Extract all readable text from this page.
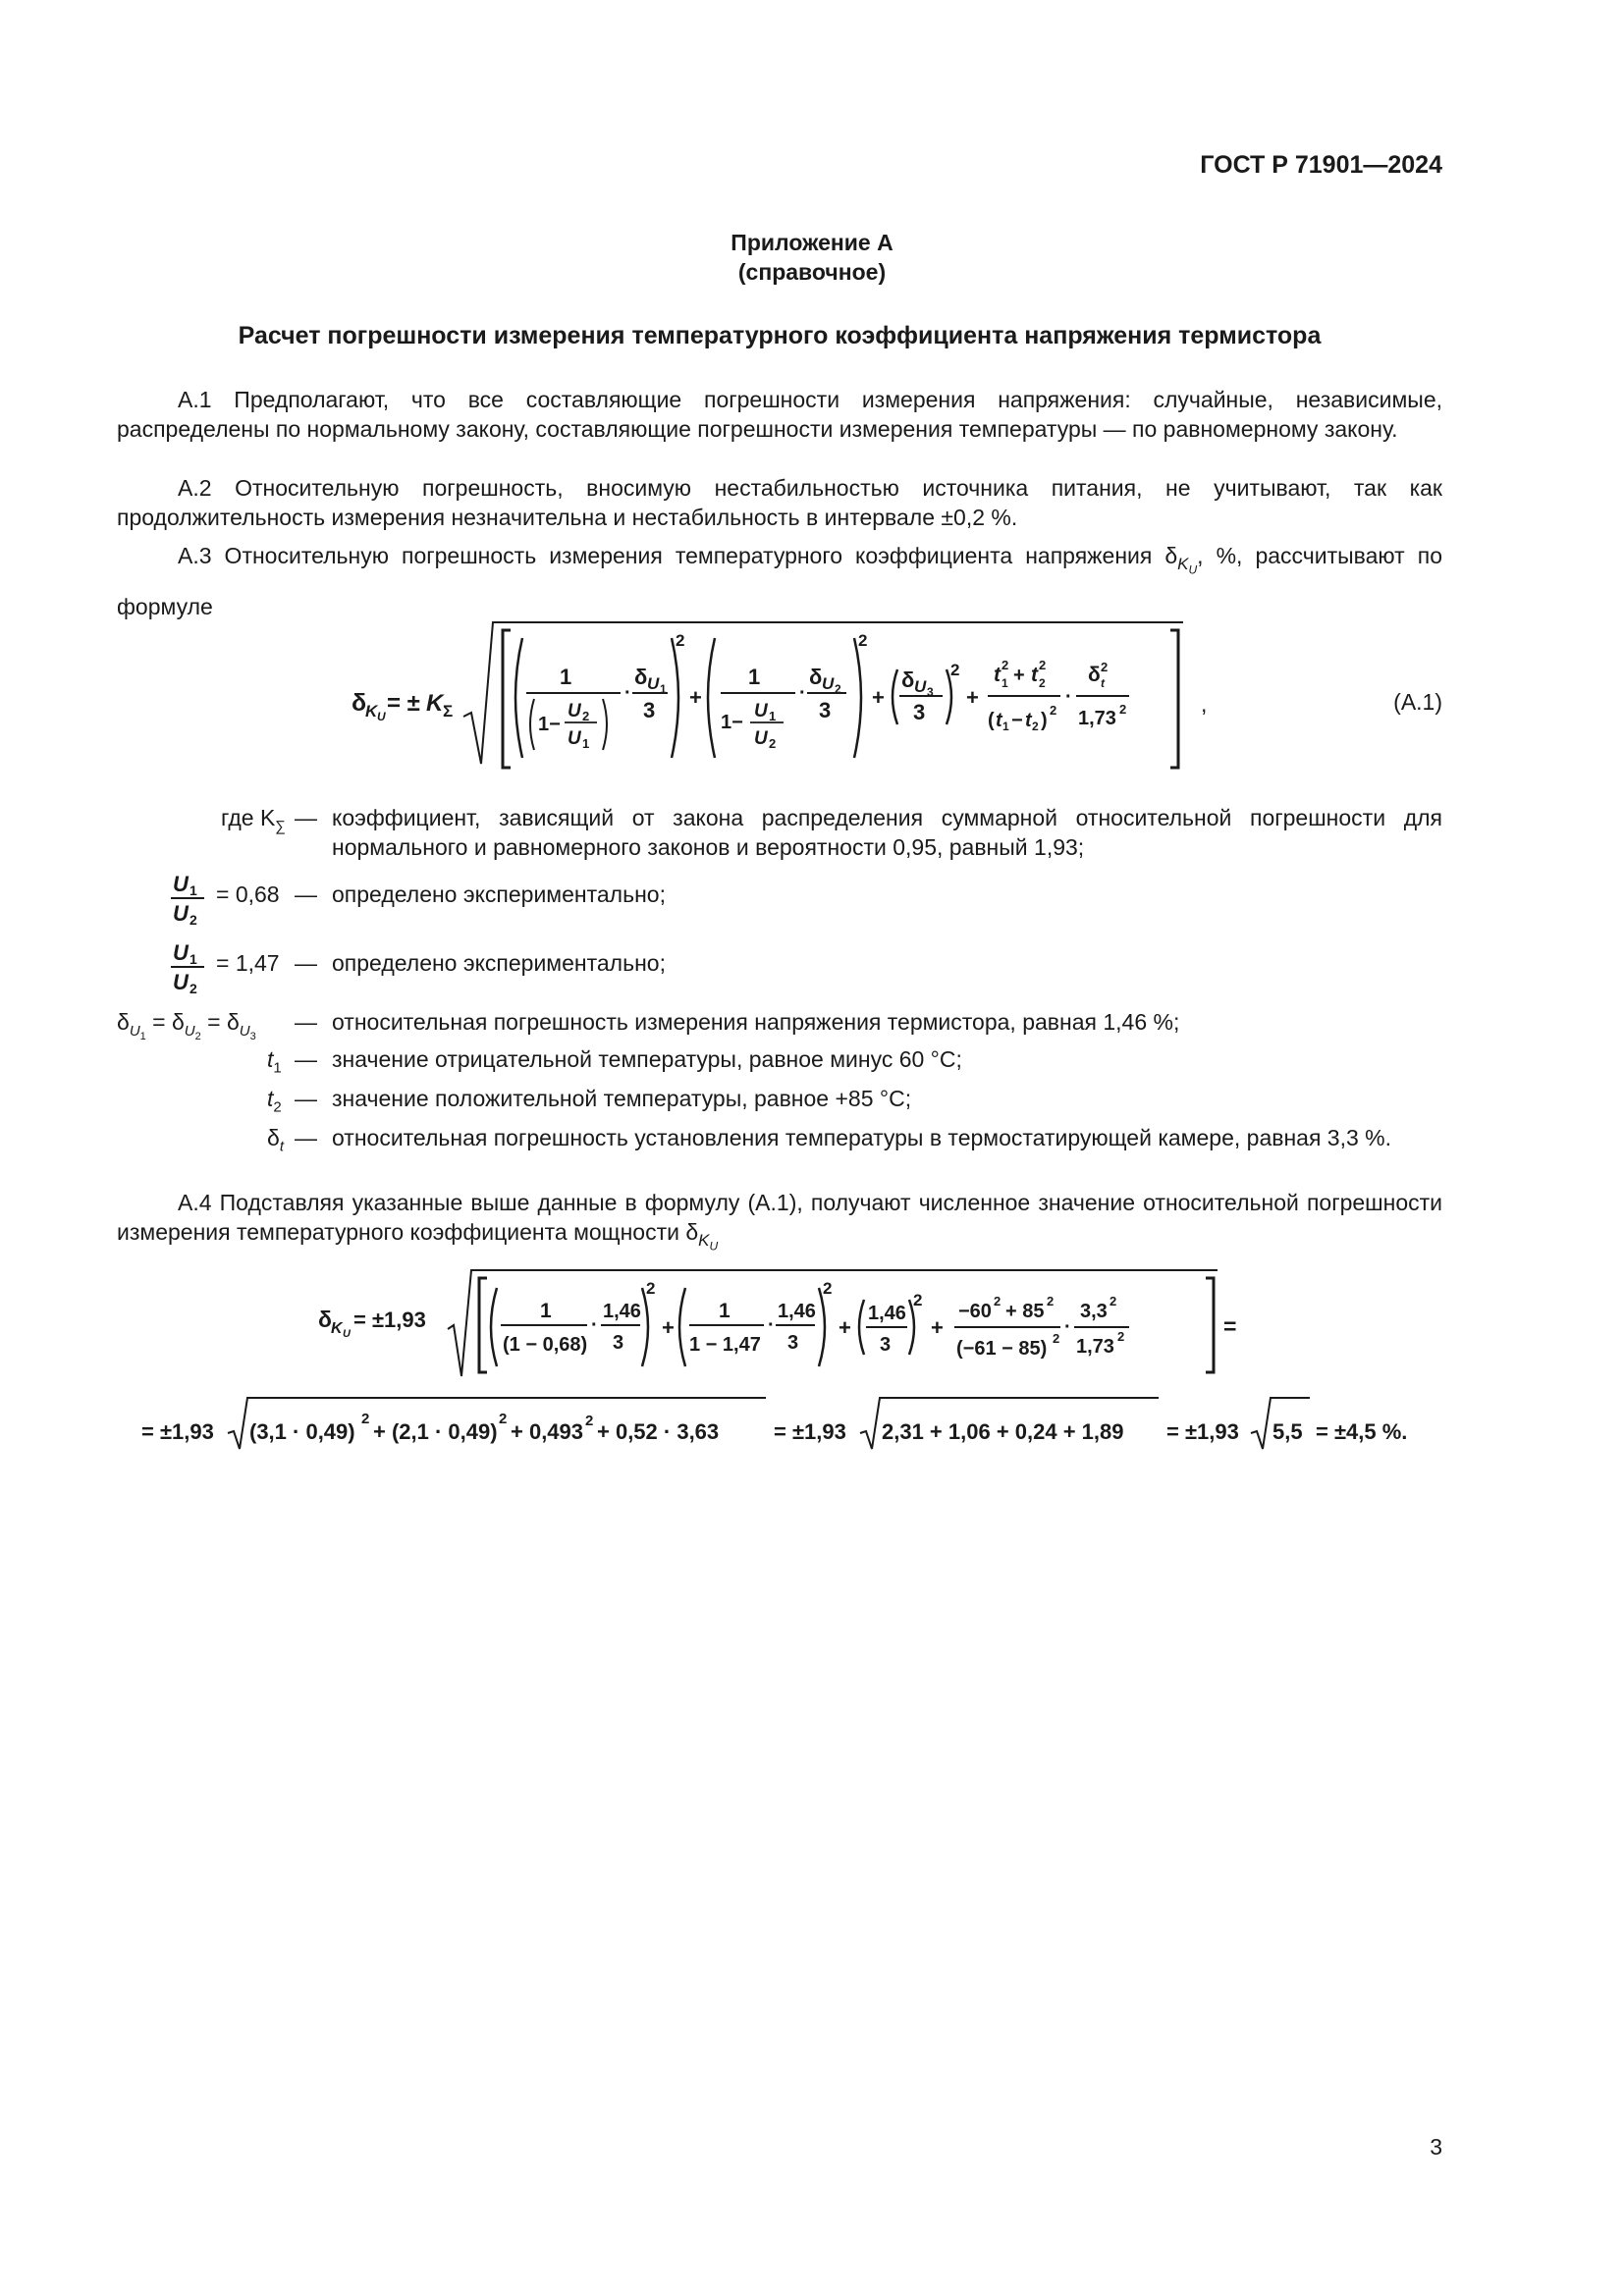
ГОСТ Р 71901—2024
Приложение А
(справочное)
Расчет погрешности измерения температурного коэффициента напряжения термистора
А.1 Предполагают, что все составляющие погрешности измерения напряжения: случайные, независимые, распределены по нормальному закону, составляющие погрешности измерения температуры — по равномерному закону.
А.2 Относительную погрешность, вносимую нестабильностью источника питания, не учитывают, так как продолжительность измерения незначительна и нестабильность в интервале ±0,2 %.
А.3 Относительную погрешность измерения температурного коэффициента напряжения $\delta_{K_U}$, %, рассчитывают по формуле
δ
K U = ± K Σ
2
1
1−
U 2
U 1
·
δ U 1
3
+
2
1
1−
U 1
U 2
·
δ U 2
3
+
2
δ U 3
3
+
t 2
1 + t 2
2
( t 1 − t 2 ) 2
·
δ 2
t
1,73 2	,	(А.1)
где $K_\sum$ — коэффициент, зависящий от закона распределения суммарной относительной погрешности для нормального и равномерного законов и вероятности 0,95, равный 1,93;
U 1
U 2
= 0,68 — определено экспериментально;
U 1
U 2
= 1,47 — определено экспериментально;
$\delta_{U_1} = \delta_{U_2} = \delta_{U_3}$
— относительная погрешность измерения напряжения термистора, равная 1,46 %;
$t_1$ — значение отрицательной температуры, равное минус 60 °С;
$t_2$ — значение положительной температуры, равное +85 °С;
$\delta_t$ — относительная погрешность установления температуры в термостатирующей камере, равная 3,3 %.
А.4 Подставляя указанные выше данные в формулу (А.1), получают численное значение относительной погрешности измерения температурного коэффициента мощности $\delta_{K_U}$
δ K U
= ±1,93
2
1
(1 − 0,68)
·
1,46
3
+
2
1
1 − 1,47
·
1,46
3
+
2
1,46
3
+
−60 2 + 85 2
(−61 − 85) 2
·
3,3 2
1,73 2	=
= ±1,93 (3,1 · 0,49)
2
+ (2,1 · 0,49)
2
+ 0,493 2 + 0,52 · 3,63	= ±1,93 2,31 + 1,06 + 0,24 + 1,89 = ±1,93 5,5 = ±4,5 %.
3
